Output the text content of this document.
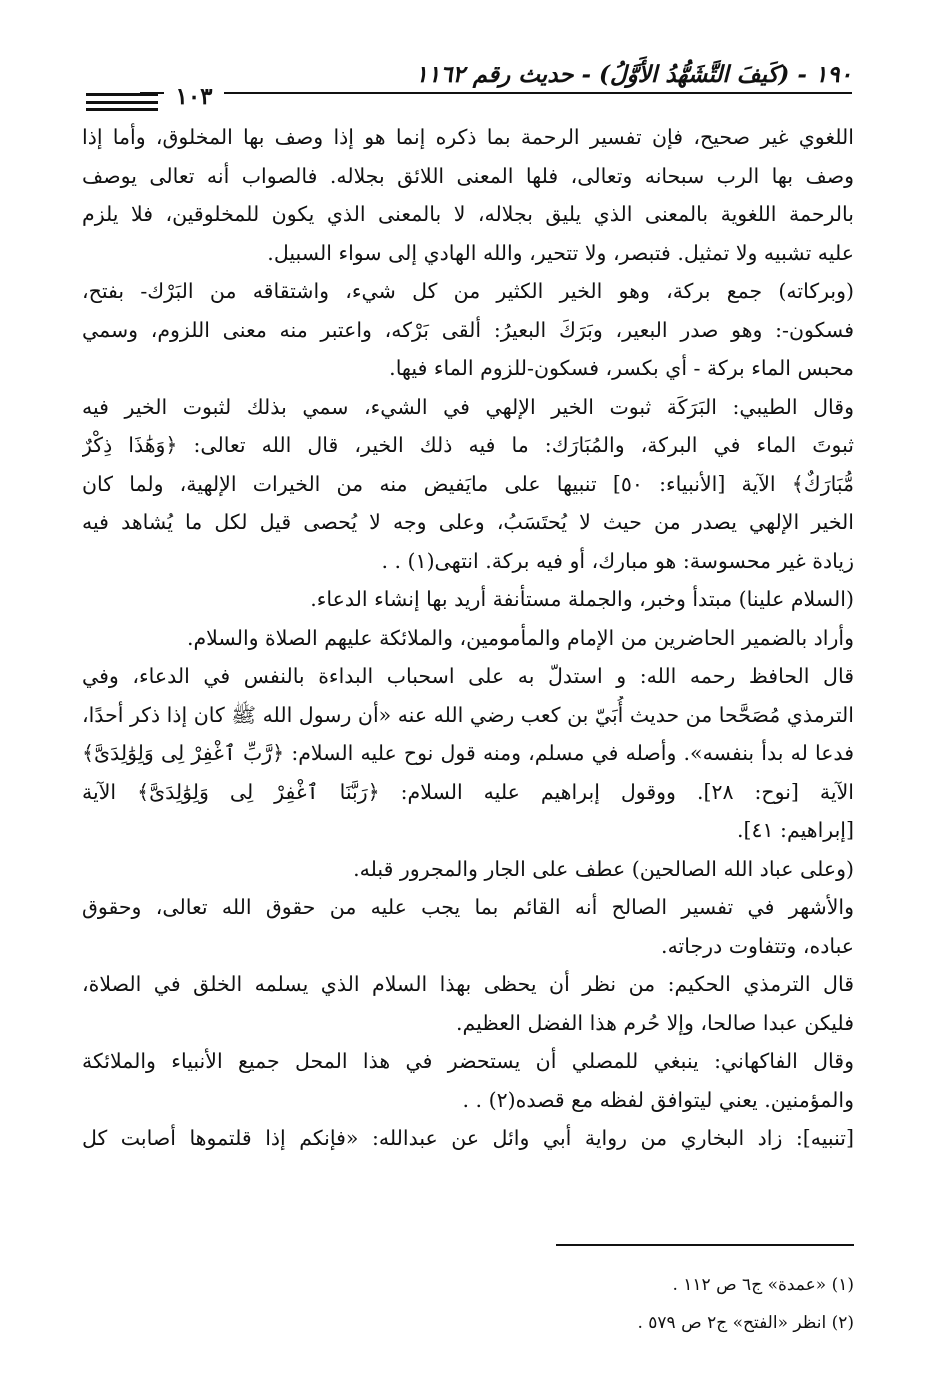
١٩٠ - (كَيفَ التَّشَهُّدُ الأَوَّلُ) - حديث رقم ١١٦٢
١٠٣
اللغوي غير صحيح، فإن تفسير الرحمة بما ذكره إنما هو إذا وصف بها المخلوق، وأما إذا
وصف بها الرب سبحانه وتعالى، فلها المعنى اللائق بجلاله. فالصواب أنه تعالى يوصف
بالرحمة اللغوية بالمعنى الذي يليق بجلاله، لا بالمعنى الذي يكون للمخلوقين، فلا يلزم
عليه تشبيه ولا تمثيل. فتبصر، ولا تتحير، والله الهادي إلى سواء السبيل.
(وبركاته) جمع بركة، وهو الخير الكثير من كل شيء، واشتقاقه من البَرْك- بفتح،
فسكون-: وهو صدر البعير، وبَرَكَ البعيرُ: ألقى بَرْكه، واعتبر منه معنى اللزوم، وسمي
محبس الماء بركة - أي بكسر، فسكون-للزوم الماء فيها.
وقال الطيبي: البَرَكَة ثبوت الخير الإلهي في الشيء، سمي بذلك لثبوت الخير فيه
ثبوتَ الماء في البركة، والمُبَارَك: ما فيه ذلك الخير، قال الله تعالى: ﴿وَهَٰذَا ذِكْرٌ
مُّبَارَكٌ﴾ الآية [الأنبياء: ٥٠] تنبيها على مايَفيض منه من الخيرات الإلهية، ولما كان
الخير الإلهي يصدر من حيث لا يُحتَسَبُ، وعلى وجه لا يُحصى قيل لكل ما يُشاهد فيه
زيادة غير محسوسة: هو مبارك، أو فيه بركة. انتهى(١) . .
(السلام علينا) مبتدأ وخبر، والجملة مستأنفة أريد بها إنشاء الدعاء.
وأراد بالضمير الحاضرين من الإمام والمأمومين، والملائكة عليهم الصلاة والسلام.
قال الحافظ رحمه الله: و استدلّ به على اسحباب البداءة بالنفس في الدعاء، وفي
الترمذي مُصَحَّحا من حديث أُبَيّ بن كعب رضي الله عنه «أن رسول الله ﷺ كان إذا ذكر أحدًا،
فدعا له بدأ بنفسه». وأصله في مسلم، ومنه قول نوح عليه السلام: ﴿رَّبِّ ٱغْفِرْ لِى وَلِوَٰلِدَىَّ﴾
الآية [نوح: ٢٨]. ووقول إبراهيم عليه السلام: ﴿رَبَّنَا ٱغْفِرْ لِى وَلِوَٰلِدَىَّ﴾ الآية
[إبراهيم: ٤١].
(وعلى عباد الله الصالحين) عطف على الجار والمجرور قبله.
والأشهر في تفسير الصالح أنه القائم بما يجب عليه من حقوق الله تعالى، وحقوق
عباده، وتتفاوت درجاته.
قال الترمذي الحكيم: من نظر أن يحظى بهذا السلام الذي يسلمه الخلق في الصلاة،
فليكن عبدا صالحا، وإلا حُرم هذا الفضل العظيم.
وقال الفاكهاني: ينبغي للمصلي أن يستحضر في هذا المحل جميع الأنبياء والملائكة
والمؤمنين. يعني ليتوافق لفظه مع قصده(٢) . .
[تنبيه]: زاد البخاري من رواية أبي وائل عن عبدالله: «فإنكم إذا قلتموها أصابت كل
(١) «عمدة» ج٦ ص ١١٢ .
(٢) انظر «الفتح» ج٢ ص ٥٧٩ .
